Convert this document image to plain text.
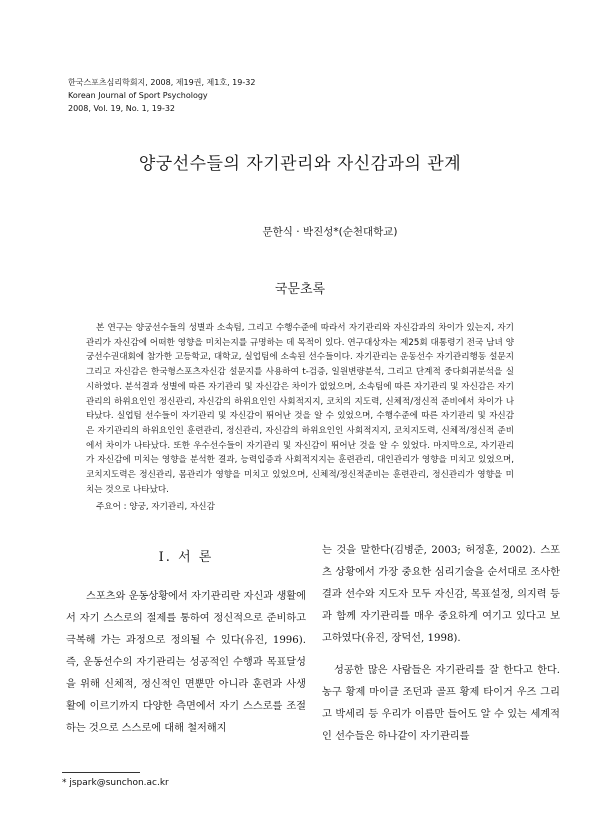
한국스포츠심리학회지, 2008, 제19권, 제1호, 19-32
Korean Journal of Sport Psychology
2008, Vol. 19, No. 1, 19-32
양궁선수들의 자기관리와 자신감과의 관계
문한식 · 박진성*(순천대학교)
국문초록

본 연구는 양궁선수들의 성별과 소속팀, 그리고 수행수준에 따라서 자기관리와 자신감과의 차이가 있는지, 자기관리가 자신감에 어떠한 영향을 미치는지를 규명하는 데 목적이 있다. 연구대상자는 제25회 대통령기 전국 남녀 양궁선수권대회에 참가한 고등학교, 대학교, 실업팀에 소속된 선수들이다. 자기관리는 운동선수 자기관리행동 설문지 그리고 자신감은 한국형스포츠자신감 설문지를 사용하여 t-검증, 일원변량분석, 그리고 단계적 중다회귀분석을 실시하였다. 분석결과 성별에 따른 자기관리 및 자신감은 차이가 없었으며, 소속팀에 따른 자기관리 및 자신감은 자기관리의 하위요인인 정신관리, 자신감의 하위요인인 사회적지지, 코치의 지도력, 신체적/정신적 준비에서 차이가 나타났다. 실업팀 선수들이 자기관리 및 자신감이 뛰어난 것을 알 수 있었으며, 수행수준에 따른 자기관리 및 자신감은 자기관리의 하위요인인 훈련관리, 정신관리, 자신감의 하위요인인 사회적지지, 코치지도력, 신체적/정신적 준비에서 차이가 나타났다. 또한 우수선수들이 자기관리 및 자신감이 뛰어난 것을 알 수 있었다. 마지막으로, 자기관리가 자신감에 미치는 영향을 분석한 결과, 능력입증과 사회적지지는 훈련관리, 대인관리가 영향을 미치고 있었으며, 코치지도력은 정신관리, 몸관리가 영향을 미치고 있었으며, 신체적/정신적준비는 훈련관리, 정신관리가 영향을 미치는 것으로 나타났다.

주요어 : 양궁, 자기관리, 자신감
I. 서 론

스포츠와 운동상황에서 자기관리란 자신과 생활에서 자기 스스로의 절제를 통하여 정신적으로 준비하고 극복해 가는 과정으로 정의될 수 있다(유진, 1996). 즉, 운동선수의 자기관리는 성공적인 수행과 목표달성을 위해 신체적, 정신적인 면뿐만 아니라 훈련과 사생활에 이르기까지 다양한 측면에서 자기 스스로를 조절하는 것으로 스스로에 대해 철저해지

는 것을 말한다(김병준, 2003; 허정훈, 2002). 스포츠 상황에서 가장 중요한 심리기술을 순서대로 조사한 결과 선수와 지도자 모두 자신감, 목표설정, 의지력 등과 함께 자기관리를 매우 중요하게 여기고 있다고 보고하였다(유진, 장덕선, 1998).

성공한 많은 사람들은 자기관리를 잘 한다고 한다. 농구 황제 마이클 조던과 골프 황제 타이거 우즈 그리고 박세리 등 우리가 이름만 들어도 알 수 있는 세계적인 선수들은 하나같이 자기관리를

* jspark@sunchon.ac.kr
